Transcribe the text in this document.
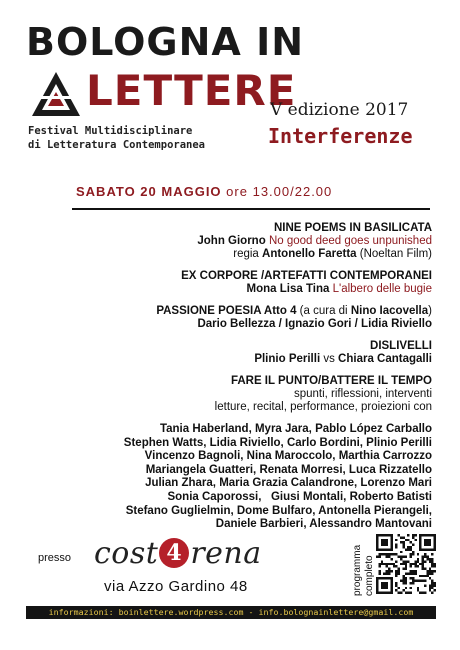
BOLOGNA IN
LETTERE
Festival Multidisciplinare
di Letteratura Contemporanea
V edizione 2017
Interferenze
SABATO 20 MAGGIO ore 13.00/22.00
NINE POEMS IN BASILICATA
John Giorno No good deed goes unpunished
regia Antonello Faretta (Noeltan Film)
EX CORPORE /ARTEFATTI CONTEMPORANEI
Mona Lisa Tina L'albero delle bugie
PASSIONE POESIA Atto 4 (a cura di Nino Iacovella)
Dario Bellezza / Ignazio Gori / Lidia Riviello
DISLIVELLI
Plinio Perilli vs Chiara Cantagalli
FARE IL PUNTO/BATTERE IL TEMPO
spunti, riflessioni, interventi
letture, recital, performance, proiezioni con
Tania Haberland, Myra Jara, Pablo López Carballo
Stephen Watts, Lidia Riviello, Carlo Bordini, Plinio Perilli
Vincenzo Bagnoli, Nina Maroccolo, Marthia Carrozzo
Mariangela Guatteri, Renata Morresi, Luca Rizzatello
Julian Zhara, Maria Grazia Calandrone, Lorenzo Mari
Sonia Caporossi,   Giusi Montali, Roberto Batisti
Stefano Guglielmin, Dome Bulfaro, Antonella Pierangeli,
Daniele Barbieri, Alessandro Mantovani
presso cost 4 rena
via Azzo Gardino 48	programma completo
informazioni: boinlettere.wordpress.com - info.bolognainlettere@gmail.com
